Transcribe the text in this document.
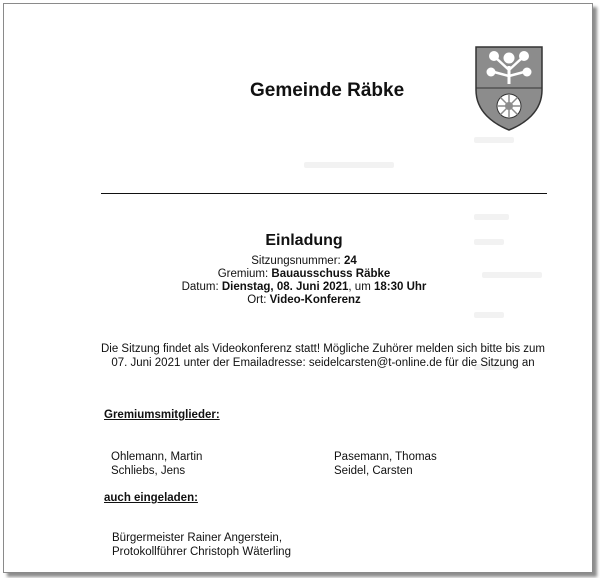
Gemeinde Räbke
Einladung
Sitzungsnummer: 24
Gremium: Bauausschuss Räbke
Datum: Dienstag, 08. Juni 2021, um 18:30 Uhr
Ort: Video-Konferenz
Die Sitzung findet als Videokonferenz statt! Mögliche Zuhörer melden sich bitte bis zum 07. Juni 2021 unter der Emailadresse: seidelcarsten@t-online.de für die Sitzung an
Gremiumsmitglieder:
Ohlemann, Martin
Schliebs, Jens
Pasemann, Thomas
Seidel, Carsten
auch eingeladen:
Bürgermeister Rainer Angerstein,
Protokollführer Christoph Wäterling
